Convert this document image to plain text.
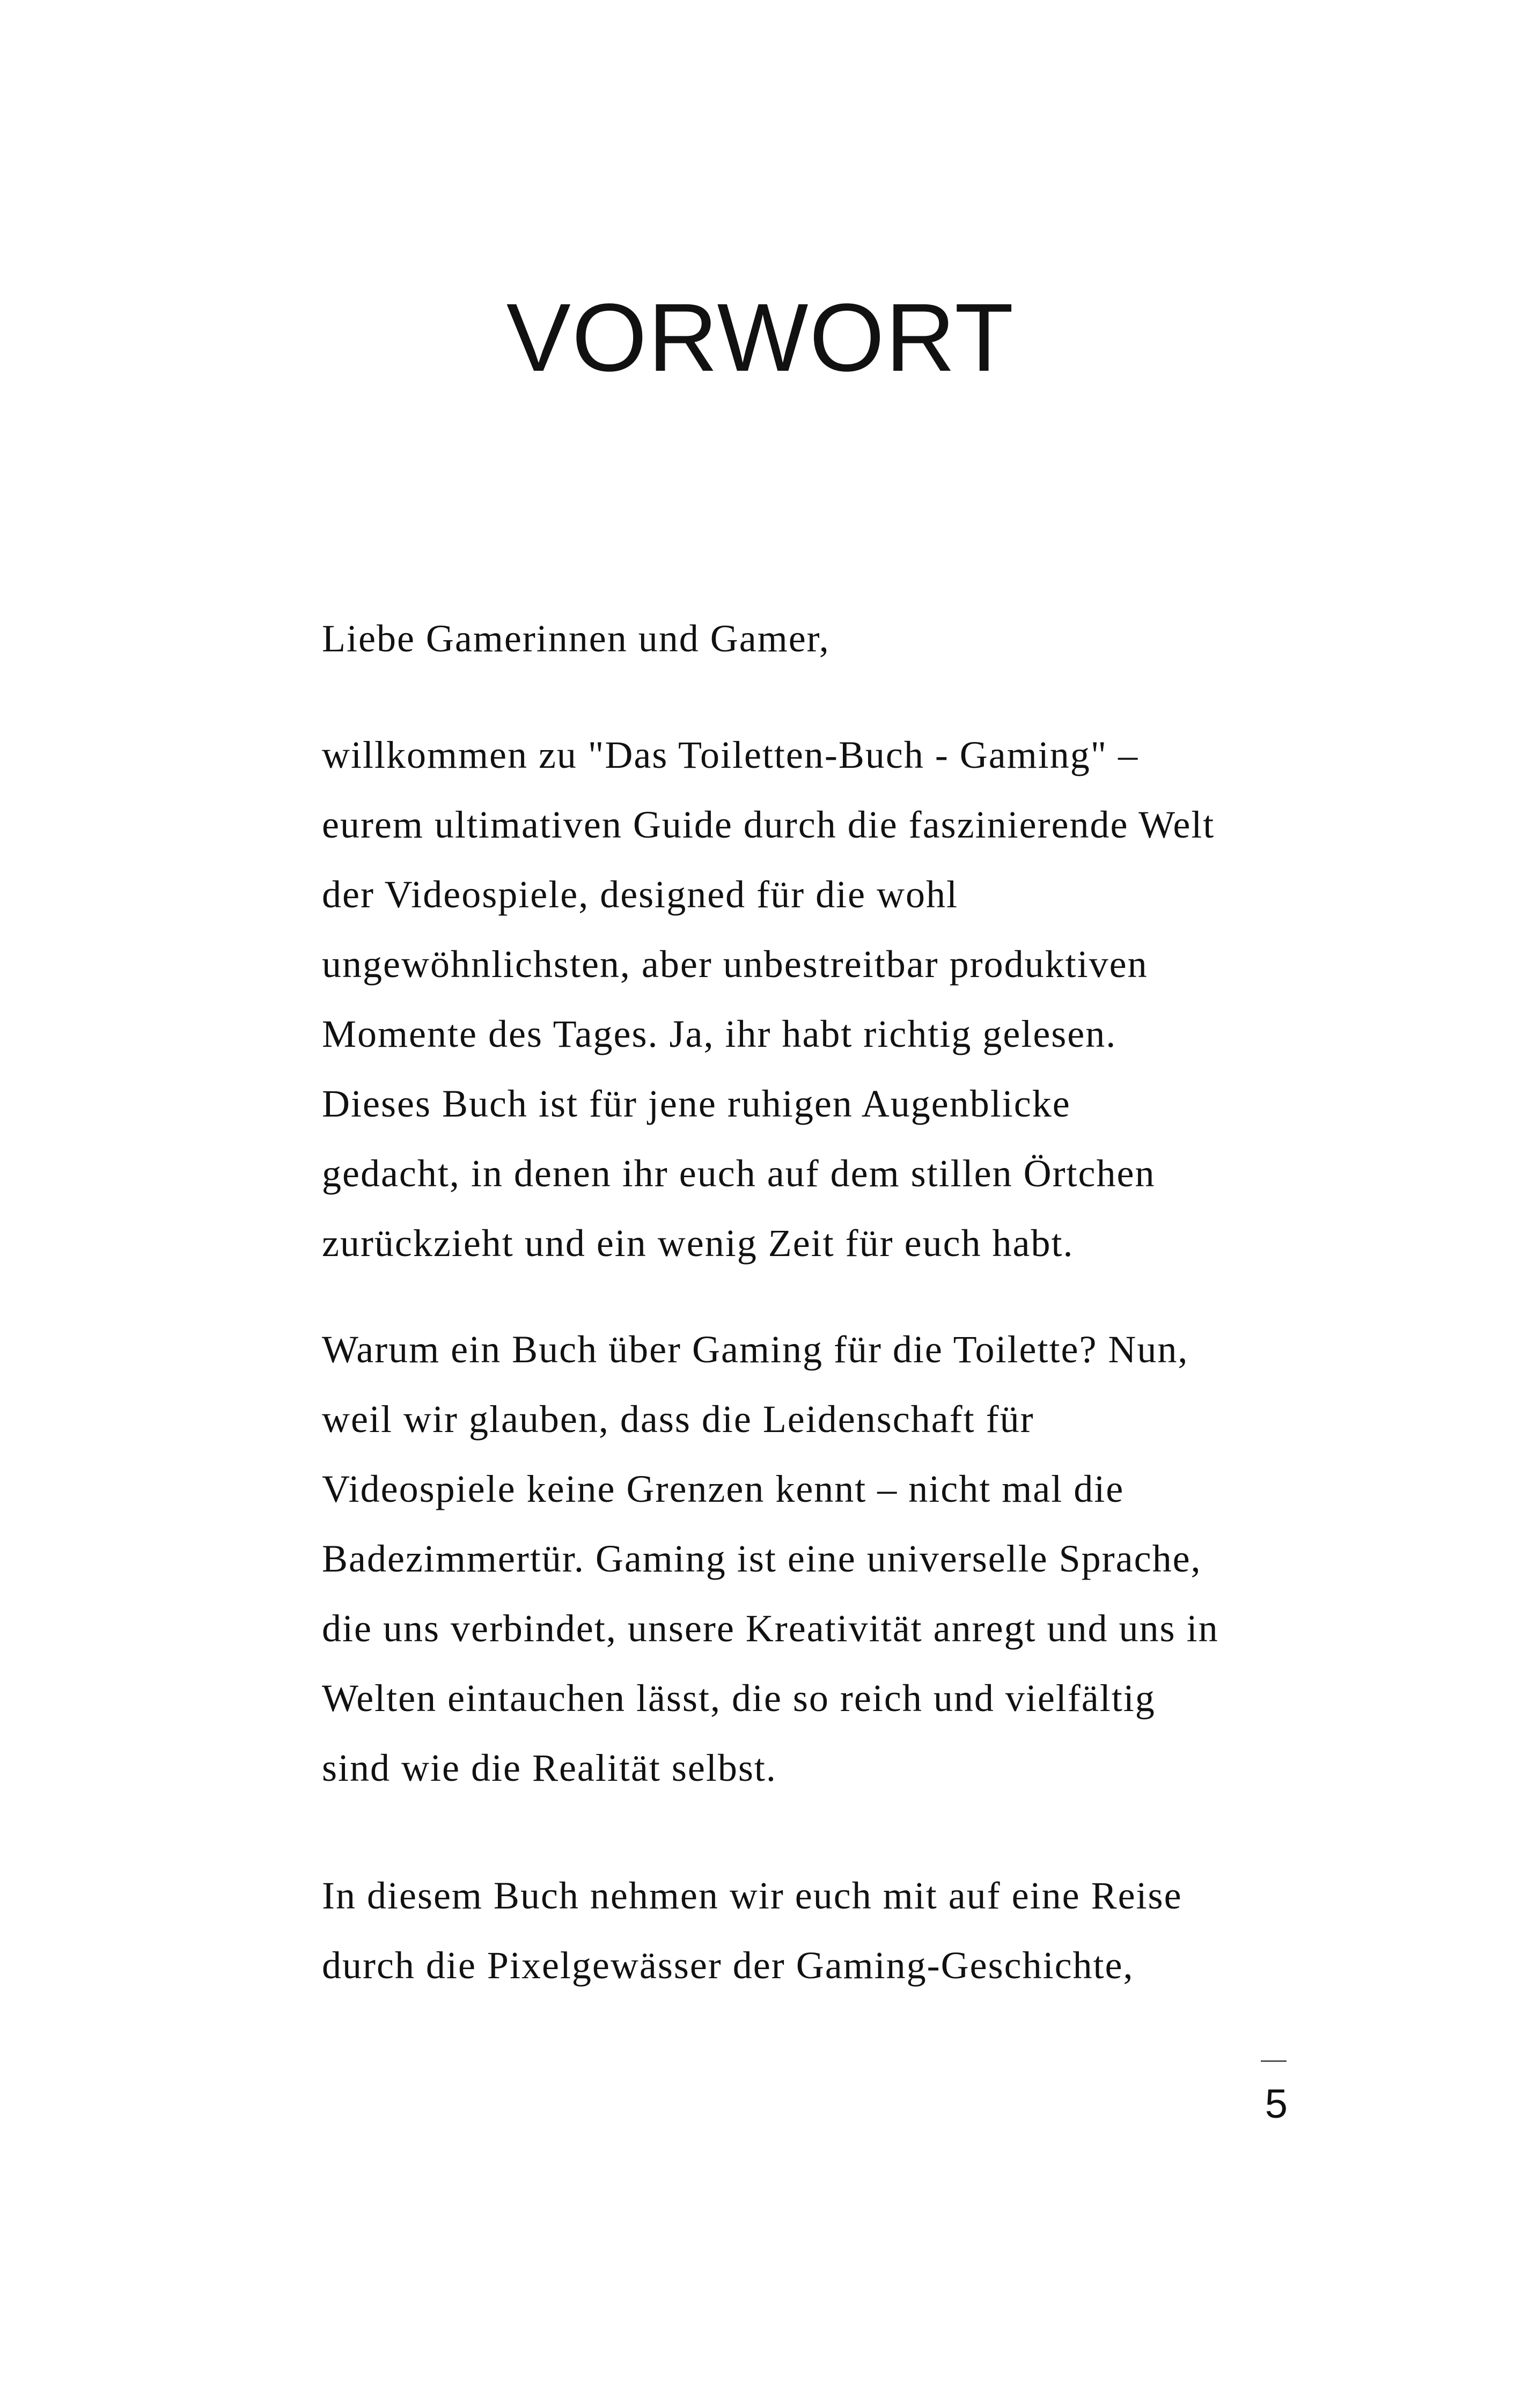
VORWORT
Liebe Gamerinnen und Gamer,
willkommen zu "Das Toiletten-Buch - Gaming" –
eurem ultimativen Guide durch die faszinierende Welt
der Videospiele, designed für die wohl
ungewöhnlichsten, aber unbestreitbar produktiven
Momente des Tages. Ja, ihr habt richtig gelesen.
Dieses Buch ist für jene ruhigen Augenblicke
gedacht, in denen ihr euch auf dem stillen Örtchen
zurückzieht und ein wenig Zeit für euch habt.
Warum ein Buch über Gaming für die Toilette? Nun,
weil wir glauben, dass die Leidenschaft für
Videospiele keine Grenzen kennt – nicht mal die
Badezimmertür. Gaming ist eine universelle Sprache,
die uns verbindet, unsere Kreativität anregt und uns in
Welten eintauchen lässt, die so reich und vielfältig
sind wie die Realität selbst.
In diesem Buch nehmen wir euch mit auf eine Reise
durch die Pixelgewässer der Gaming-Geschichte,
5
